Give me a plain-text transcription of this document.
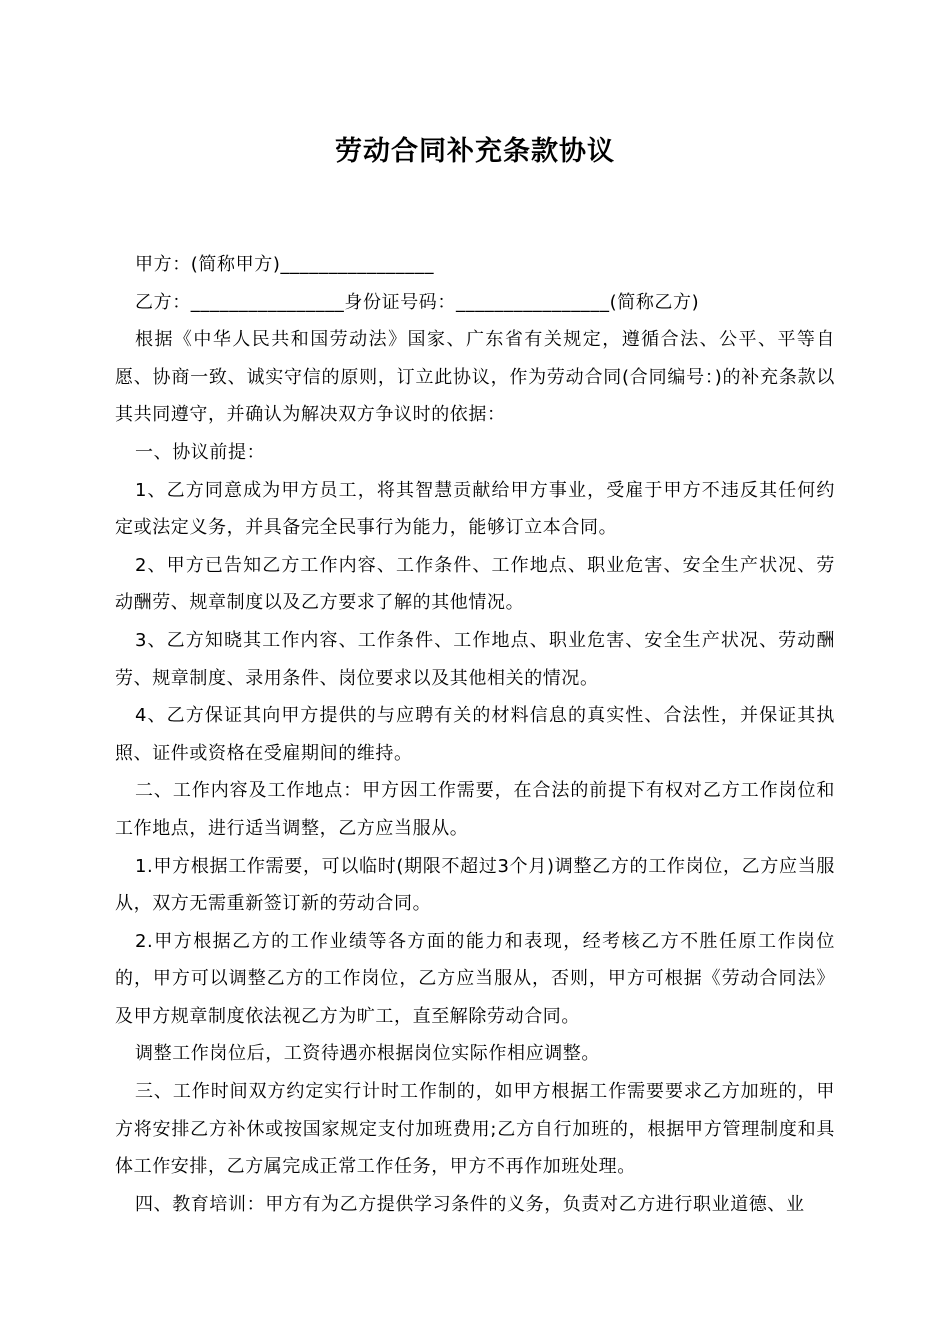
劳动合同补充条款协议

甲方：(简称甲方)________________

乙方：________________身份证号码：________________(简称乙方)

根据《中华人民共和国劳动法》国家、广东省有关规定，遵循合法、公平、平等自愿、协商一致、诚实守信的原则，订立此协议，作为劳动合同(合同编号：)的补充条款以其共同遵守，并确认为解决双方争议时的依据：

一、协议前提：

1、乙方同意成为甲方员工，将其智慧贡献给甲方事业，受雇于甲方不违反其任何约定或法定义务，并具备完全民事行为能力，能够订立本合同。

2、甲方已告知乙方工作内容、工作条件、工作地点、职业危害、安全生产状况、劳动酬劳、规章制度以及乙方要求了解的其他情况。

3、乙方知晓其工作内容、工作条件、工作地点、职业危害、安全生产状况、劳动酬劳、规章制度、录用条件、岗位要求以及其他相关的情况。

4、乙方保证其向甲方提供的与应聘有关的材料信息的真实性、合法性，并保证其执照、证件或资格在受雇期间的维持。

二、工作内容及工作地点：甲方因工作需要，在合法的前提下有权对乙方工作岗位和工作地点，进行适当调整，乙方应当服从。

1.甲方根据工作需要，可以临时(期限不超过3个月)调整乙方的工作岗位，乙方应当服从，双方无需重新签订新的劳动合同。

2.甲方根据乙方的工作业绩等各方面的能力和表现，经考核乙方不胜任原工作岗位的，甲方可以调整乙方的工作岗位，乙方应当服从，否则，甲方可根据《劳动合同法》及甲方规章制度依法视乙方为旷工，直至解除劳动合同。

调整工作岗位后，工资待遇亦根据岗位实际作相应调整。

三、工作时间双方约定实行计时工作制的，如甲方根据工作需要要求乙方加班的，甲方将安排乙方补休或按国家规定支付加班费用;乙方自行加班的，根据甲方管理制度和具体工作安排，乙方属完成正常工作任务，甲方不再作加班处理。

四、教育培训：甲方有为乙方提供学习条件的义务，负责对乙方进行职业道德、业
